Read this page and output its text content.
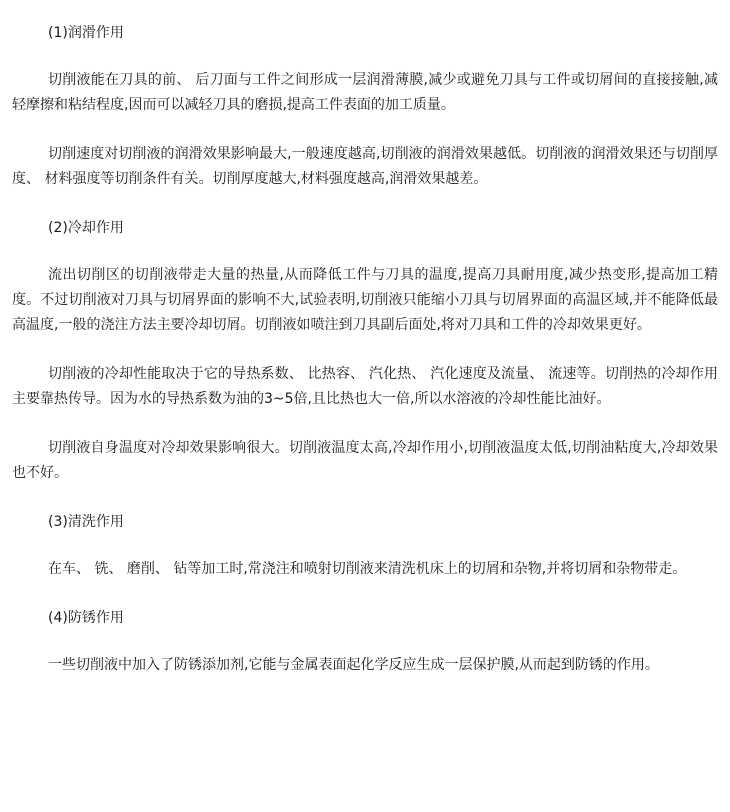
(1)润滑作用

切削液能在刀具的前、 后刀面与工件之间形成一层润滑薄膜,减少或避免刀具与工件或切屑间的直接接触,减轻摩擦和粘结程度,因而可以减轻刀具的磨损,提高工件表面的加工质量。

切削速度对切削液的润滑效果影响最大,一般速度越高,切削液的润滑效果越低。切削液的润滑效果还与切削厚度、 材料强度等切削条件有关。切削厚度越大,材料强度越高,润滑效果越差。

(2)冷却作用

流出切削区的切削液带走大量的热量,从而降低工件与刀具的温度,提高刀具耐用度,减少热变形,提高加工精度。不过切削液对刀具与切屑界面的影响不大,试验表明,切削液只能缩小刀具与切屑界面的高温区域,并不能降低最高温度,一般的浇注方法主要冷却切屑。切削液如喷注到刀具副后面处,将对刀具和工件的冷却效果更好。

切削液的冷却性能取决于它的导热系数、 比热容、 汽化热、 汽化速度及流量、 流速等。切削热的冷却作用主要靠热传导。因为水的导热系数为油的3~5倍,且比热也大一倍,所以水溶液的冷却性能比油好。

切削液自身温度对冷却效果影响很大。切削液温度太高,冷却作用小,切削液温度太低,切削油粘度大,冷却效果也不好。

(3)清洗作用

在车、 铣、 磨削、 钻等加工时,常浇注和喷射切削液来清洗机床上的切屑和杂物,并将切屑和杂物带走。

(4)防锈作用

一些切削液中加入了防锈添加剂,它能与金属表面起化学反应生成一层保护膜,从而起到防锈的作用。
